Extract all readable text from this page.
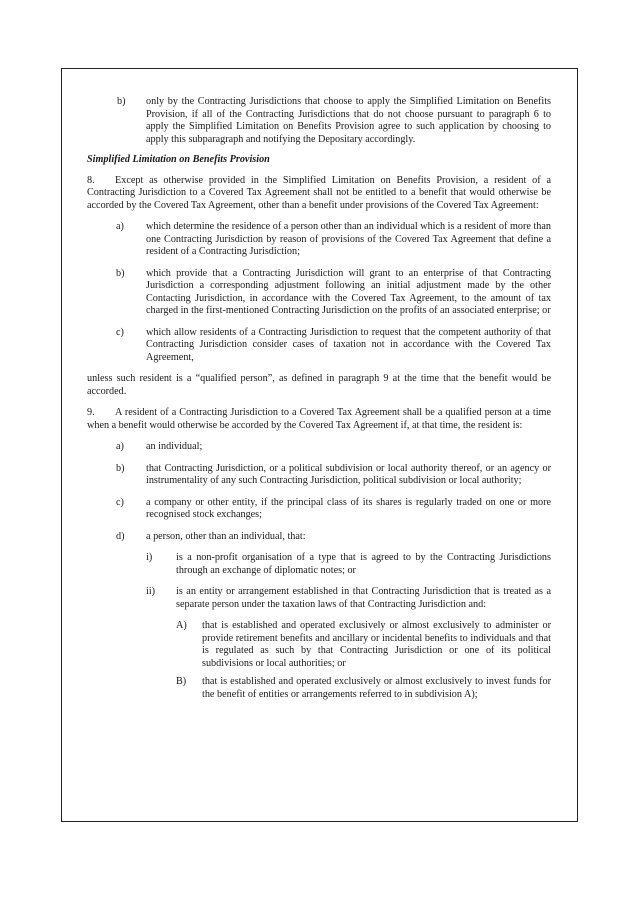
b)	only by the Contracting Jurisdictions that choose to apply the Simplified Limitation on Benefits Provision, if all of the Contracting Jurisdictions that do not choose pursuant to paragraph 6 to apply the Simplified Limitation on Benefits Provision agree to such application by choosing to apply this subparagraph and notifying the Depositary accordingly.
Simplified Limitation on Benefits Provision
8. Except as otherwise provided in the Simplified Limitation on Benefits Provision, a resident of a Contracting Jurisdiction to a Covered Tax Agreement shall not be entitled to a benefit that would otherwise be accorded by the Covered Tax Agreement, other than a benefit under provisions of the Covered Tax Agreement:
a)	which determine the residence of a person other than an individual which is a resident of more than one Contracting Jurisdiction by reason of provisions of the Covered Tax Agreement that define a resident of a Contracting Jurisdiction;
b)	which provide that a Contracting Jurisdiction will grant to an enterprise of that Contracting Jurisdiction a corresponding adjustment following an initial adjustment made by the other Contacting Jurisdiction, in accordance with the Covered Tax Agreement, to the amount of tax charged in the first-mentioned Contracting Jurisdiction on the profits of an associated enterprise; or
c)	which allow residents of a Contracting Jurisdiction to request that the competent authority of that Contracting Jurisdiction consider cases of taxation not in accordance with the Covered Tax Agreement,
unless such resident is a “qualified person”, as defined in paragraph 9 at the time that the benefit would be accorded.
9. A resident of a Contracting Jurisdiction to a Covered Tax Agreement shall be a qualified person at a time when a benefit would otherwise be accorded by the Covered Tax Agreement if, at that time, the resident is:
a)	an individual;
b)	that Contracting Jurisdiction, or a political subdivision or local authority thereof, or an agency or instrumentality of any such Contracting Jurisdiction, political subdivision or local authority;
c)	a company or other entity, if the principal class of its shares is regularly traded on one or more recognised stock exchanges;
d)	a person, other than an individual, that:
i)	is a non-profit organisation of a type that is agreed to by the Contracting Jurisdictions through an exchange of diplomatic notes; or
ii)	is an entity or arrangement established in that Contracting Jurisdiction that is treated as a separate person under the taxation laws of that Contracting Jurisdiction and:
A)	that is established and operated exclusively or almost exclusively to administer or provide retirement benefits and ancillary or incidental benefits to individuals and that is regulated as such by that Contracting Jurisdiction or one of its political subdivisions or local authorities; or
B)	that is established and operated exclusively or almost exclusively to invest funds for the benefit of entities or arrangements referred to in subdivision A);
